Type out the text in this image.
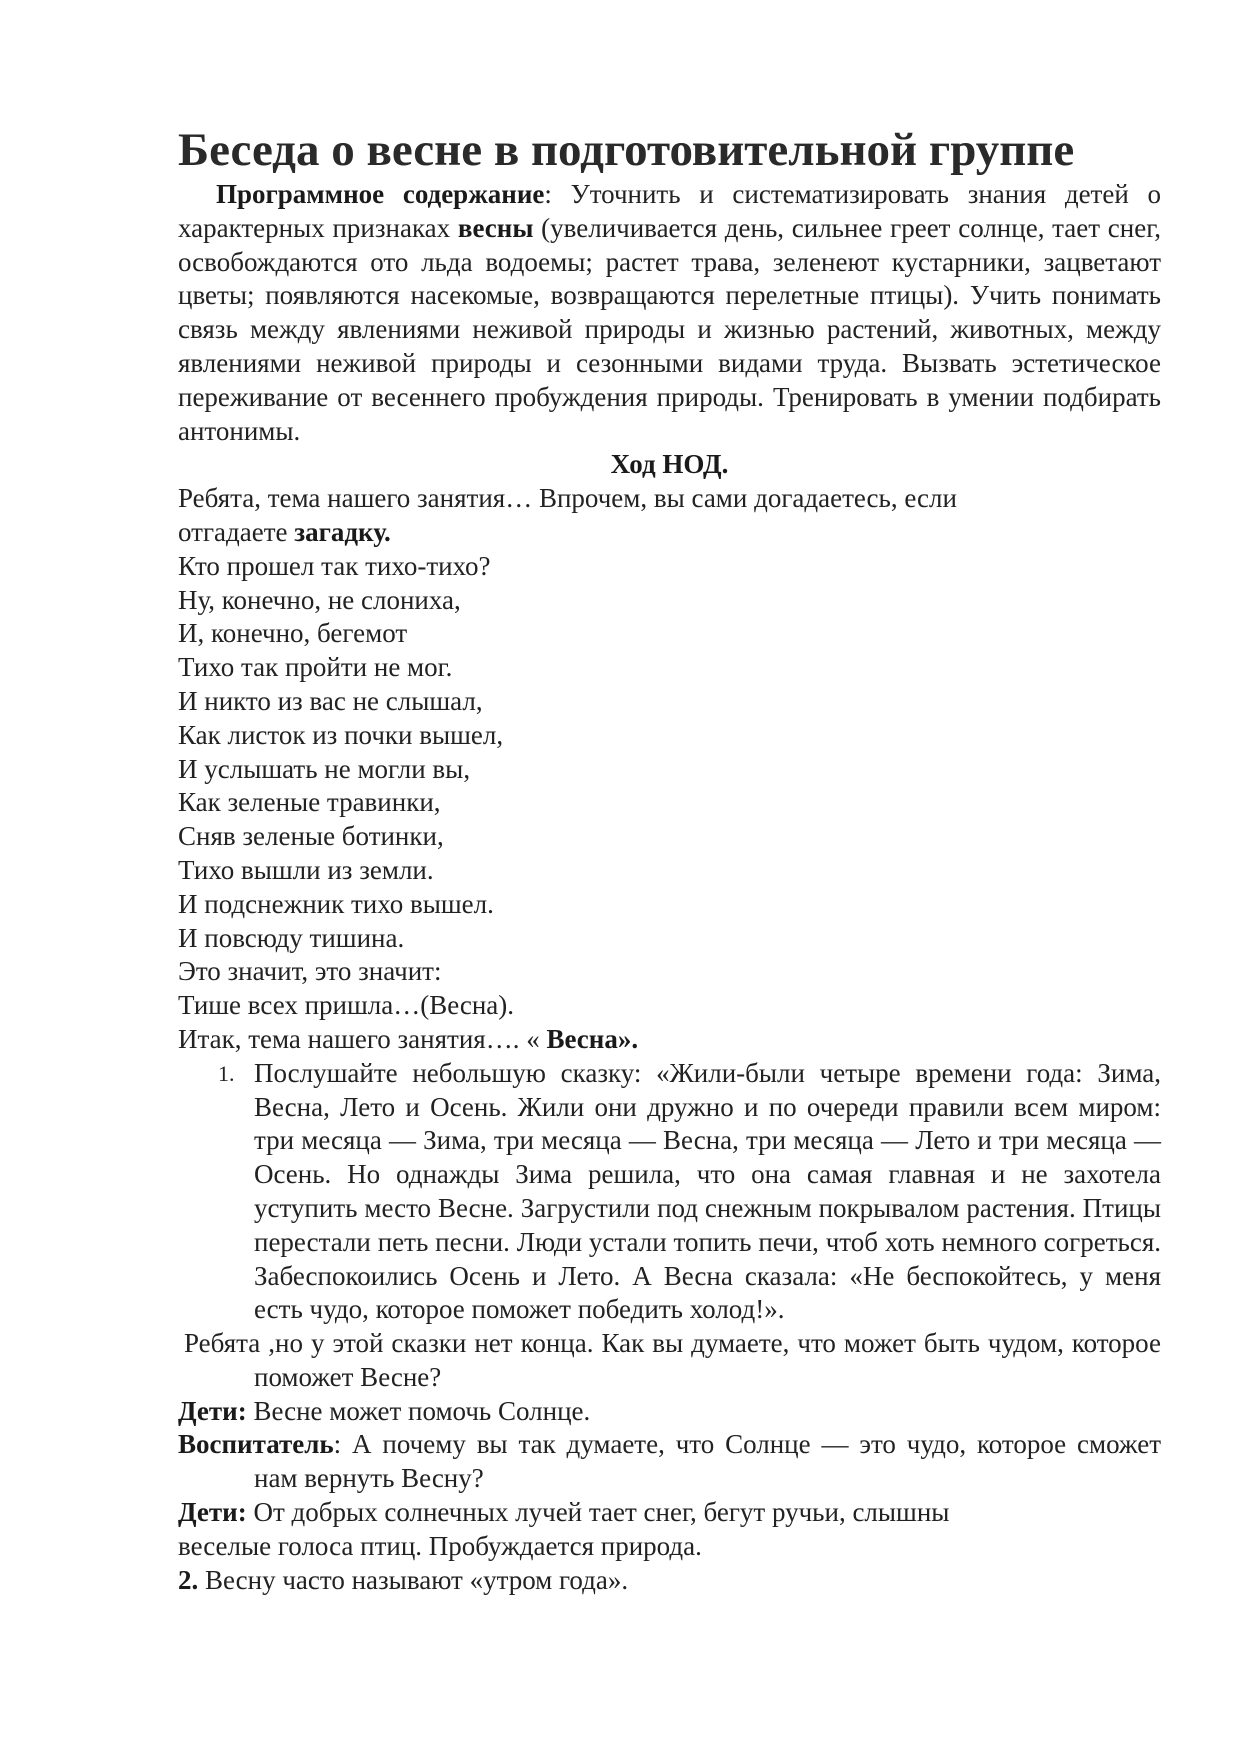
Беседа о весне в подготовительной группе

Программное содержание: Уточнить и систематизировать знания детей о характерных признаках весны (увеличивается день, сильнее греет солнце, тает снег, освобождаются ото льда водоемы; растет трава, зеленеют кустарники, зацветают цветы; появляются насекомые, возвращаются перелетные птицы). Учить понимать связь между явлениями неживой природы и жизнью растений, животных, между явлениями неживой природы и сезонными видами труда. Вызвать эстетическое переживание от весеннего пробуждения природы. Тренировать в умении подбирать антонимы.

Ход НОД.

Ребята, тема нашего занятия… Впрочем, вы сами догадаетесь, если
отгадаете загадку.

Кто прошел так тихо-тихо?
Ну, конечно, не слониха,
И, конечно, бегемот
Тихо так пройти не мог.
И никто из вас не слышал,
Как листок из почки вышел,
И услышать не могли вы,
Как зеленые травинки,
Сняв зеленые ботинки,
Тихо вышли из земли.
И подснежник тихо вышел.
И повсюду тишина.
Это значит, это значит:
Тише всех пришла…(Весна).

Итак, тема нашего занятия…. « Весна».

1. Послушайте небольшую сказку: «Жили-были четыре времени года: Зима, Весна, Лето и Осень. Жили они дружно и по очереди правили всем миром: три месяца — Зима, три месяца — Весна, три месяца — Лето и три месяца — Осень. Но однажды Зима решила, что она самая главная и не захотела уступить место Весне. Загрустили под снежным покрывалом растения. Птицы перестали петь песни. Люди устали топить печи, чтоб хоть немного согреться. Забеспокоились Осень и Лето. А Весна сказала: «Не беспокойтесь, у меня есть чудо, которое поможет победить холод!».

Ребята ,но у этой сказки нет конца. Как вы думаете, что может быть чудом, которое поможет Весне?

Дети: Весне может помочь Солнце.

Воспитатель: А почему вы так думаете, что Солнце — это чудо, которое сможет нам вернуть Весну?

Дети: От добрых солнечных лучей тает снег, бегут ручьи, слышны веселые голоса птиц. Пробуждается природа.

2. Весну часто называют «утром года».
